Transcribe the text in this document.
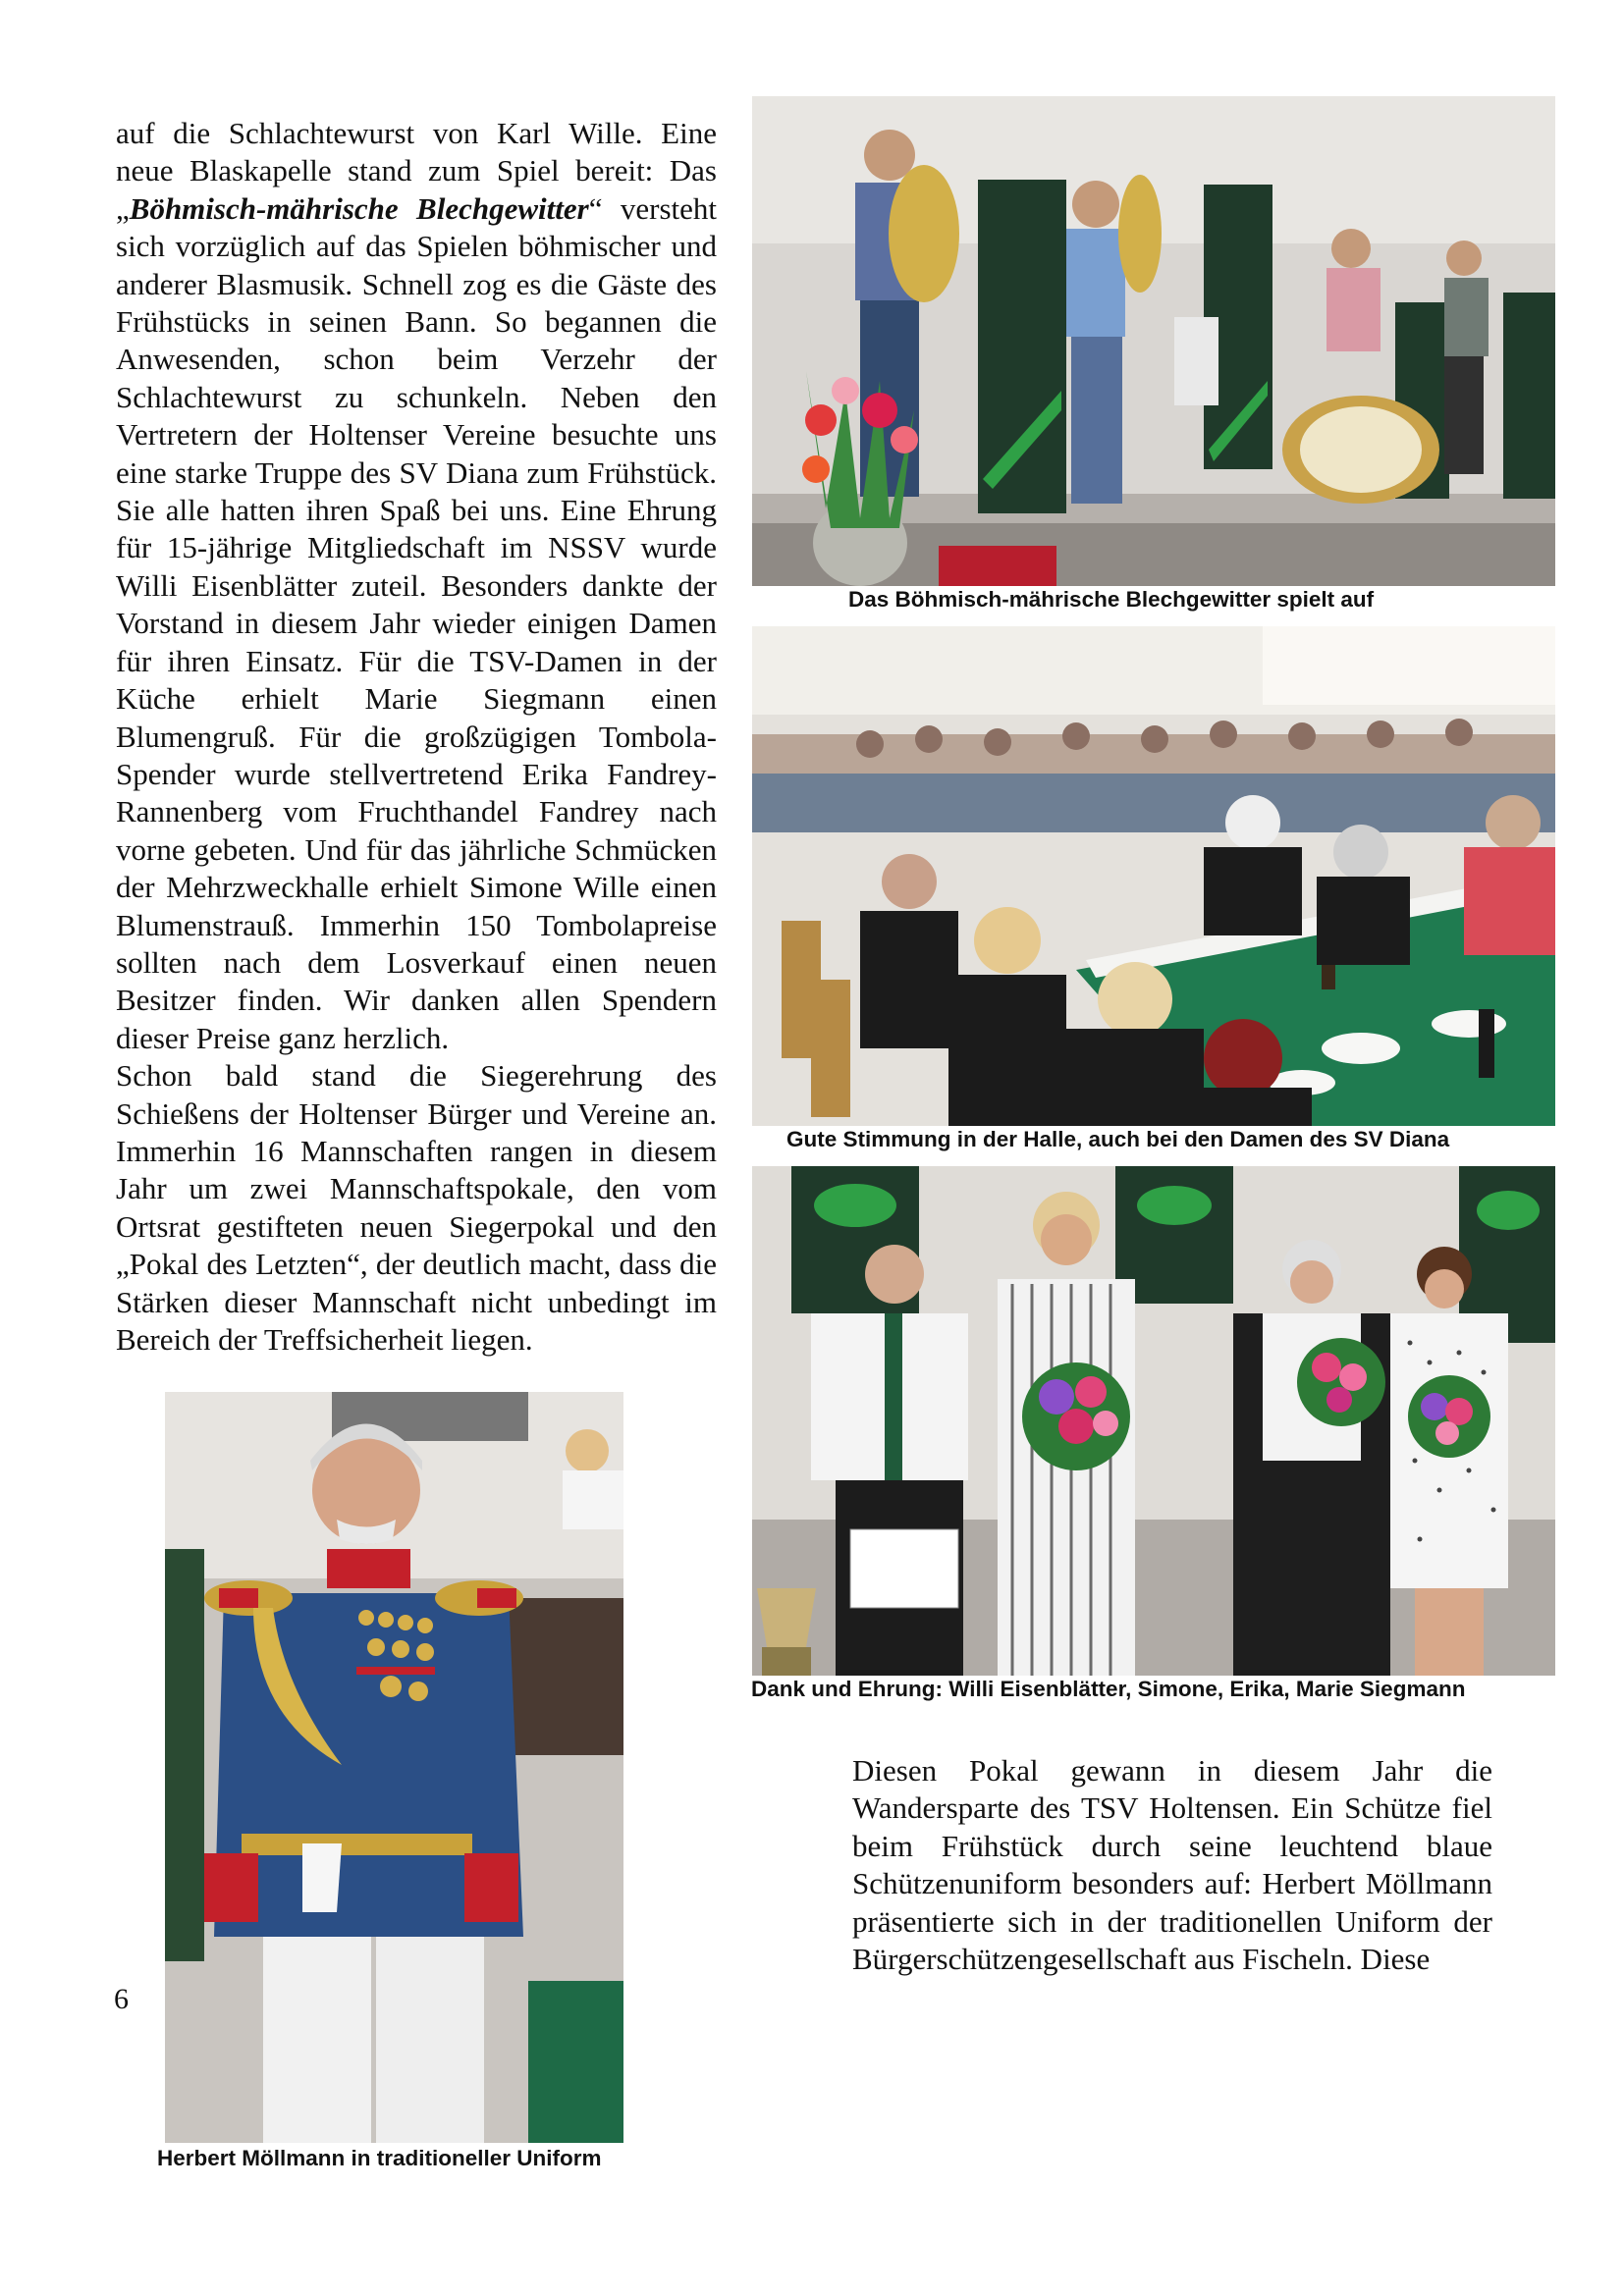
auf die Schlachtewurst von Karl Wille. Eine neue Blaskapelle stand zum Spiel bereit: Das „Böhmisch-mährische Blechgewitter“ versteht sich vorzüglich auf das Spielen böhmischer und anderer Blasmusik. Schnell zog es die Gäste des Frühstücks in seinen Bann. So begannen die Anwesenden, schon beim Verzehr der Schlachtewurst zu schunkeln. Neben den Vertretern der Holtenser Vereine besuchte uns eine starke Truppe des SV Diana zum Frühstück. Sie alle hatten ihren Spaß bei uns. Eine Ehrung für 15-jährige Mitgliedschaft im NSSV wurde Willi Eisenblätter zuteil. Besonders dankte der Vorstand in diesem Jahr wieder einigen Damen für ihren Einsatz. Für die TSV-Damen in der Küche erhielt Marie Siegmann einen Blumengruß. Für die großzügigen Tombola-Spender wurde stellvertretend Erika Fandrey-Rannenberg vom Fruchthandel Fandrey nach vorne gebeten. Und für das jährliche Schmücken der Mehrzweckhalle erhielt Simone Wille einen Blumenstrauß. Immerhin 150 Tombolapreise sollten nach dem Losverkauf einen neuen Besitzer finden. Wir danken allen Spendern dieser Preise ganz herzlich.

Schon bald stand die Siegerehrung des Schießens der Holtenser Bürger und Vereine an. Immerhin 16 Mannschaften rangen in diesem Jahr um zwei Mannschaftspokale, den vom Ortsrat gestifteten neuen Siegerpokal und den „Pokal des Letzten“, der deutlich macht, dass die Stärken dieser Mannschaft nicht unbedingt im Bereich der Treffsicherheit liegen.

Diesen Pokal gewann in diesem Jahr die Wandersparte des TSV Holtensen. Ein Schütze fiel beim Frühstück durch seine leuchtend blaue Schützenuniform besonders auf: Herbert Möllmann präsentierte sich in der traditionellen Uniform der Bürgerschützengesellschaft aus Fischeln. Diese

Das Böhmisch-mährische Blechgewitter spielt auf
Gute Stimmung in der Halle, auch bei den Damen des SV Diana
Dank und Ehrung: Willi Eisenblätter, Simone, Erika, Marie Siegmann
Herbert Möllmann in traditioneller Uniform
6
